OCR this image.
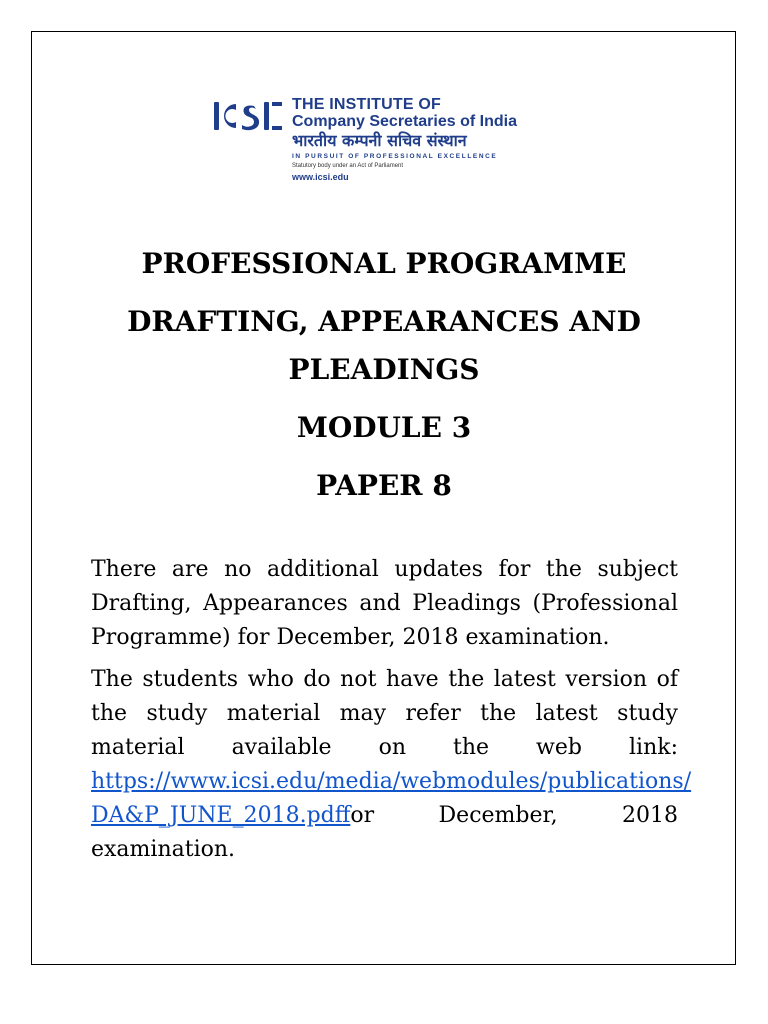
THE INSTITUTE OF
Company Secretaries of India
भारतीय कम्पनी सचिव संस्थान
IN PURSUIT OF PROFESSIONAL EXCELLENCE
Statutory body under an Act of Parliament
www.icsi.edu
PROFESSIONAL PROGRAMME
DRAFTING, APPEARANCES AND PLEADINGS
MODULE 3
PAPER 8

There are no additional updates for the subject Drafting, Appearances and Pleadings (Professional Programme) for December, 2018 examination.

The students who do not have the latest version of the study material may refer the latest study material available on the web link: https://www.icsi.edu/media/webmodules/publications/
DA&P_JUNE_2018.pdffor December, 2018 examination.
